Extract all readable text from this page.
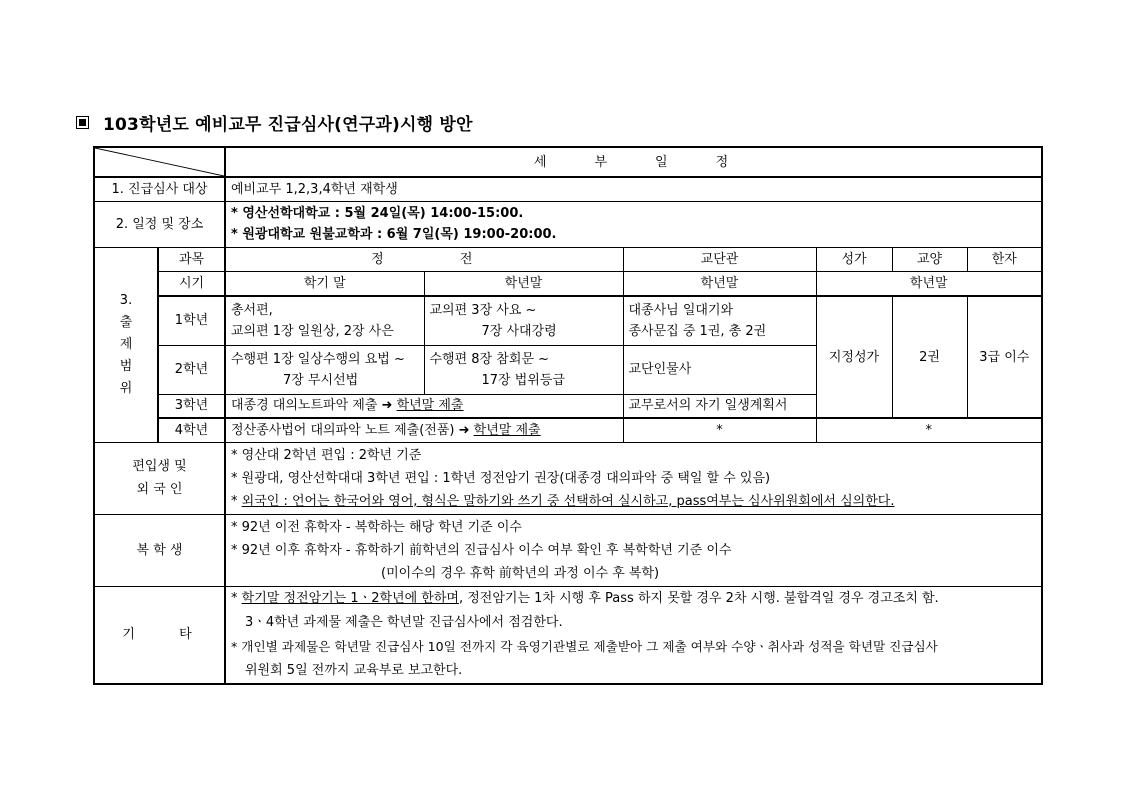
103학년도 예비교무 진급심사(연구과)시행 방안
	세부일정					
1. 진급심사 대상		예비교무 1,2,3,4학년 재학생					
2. 일정 및 장소		* 영산선학대학교 : 5월 24일(목) 14:00-15:00.
* 원광대학교 원불교학과 : 6월 7일(목) 19:00-20:00.					

3.
출
제
범
위	과목	정 전		교단관	성가	교양	한자
	시기	학기 말	학년말	학년말	학년말		
	1학년	총서편,
교의편 1장 일원상, 2장 사은	교의편 3장 사요 ~
7장 사대강령	대종사님 일대기와
종사문집 중 1권, 총 2권	지정성가	2권	3급 이수
	2학년	수행편 1장 일상수행의 요법 ~
7장 무시선법	수행편 8장 참회문 ~
17장 법위등급	교단인물사			
	3학년	대종경 대의노트파악 제출 ➜ 학년말 제출		교무로서의 자기 일생계획서			
	4학년	정산종사법어 대의파악 노트 제출(전품) ➜ 학년말 제출		*	*		

편입생 및
외 국 인		* 영산대 2학년 편입 : 2학년 기준
* 원광대, 영산선학대대 3학년 편입 : 1학년 정전암기 권장(대종경 대의파악 중 택일 할 수 있음)
* 외국인 : 언어는 한국어와 영어, 형식은 말하기와 쓰기 중 선택하여 실시하고, pass여부는 심사위원회에서 심의한다.					

복 학 생		* 92년 이전 휴학자 - 복학하는 해당 학년 기준 이수
* 92년 이후 휴학자 - 휴학하기 前학년의 진급심사 이수 여부 확인 후 복학학년 기준 이수
(미이수의 경우 휴학 前학년의 과정 이수 후 복학)					

기 타		* 학기말 정전암기는 1ㆍ2학년에 한하며, 정전암기는 1차 시행 후 Pass 하지 못할 경우 2차 시행. 불합격일 경우 경고조치 함.
3ㆍ4학년 과제물 제출은 학년말 진급심사에서 점검한다.
* 개인별 과제물은 학년말 진급심사 10일 전까지 각 육영기관별로 제출받아 그 제출 여부와 수양ㆍ취사과 성적을 학년말 진급심사
위원회 5일 전까지 교육부로 보고한다.					
